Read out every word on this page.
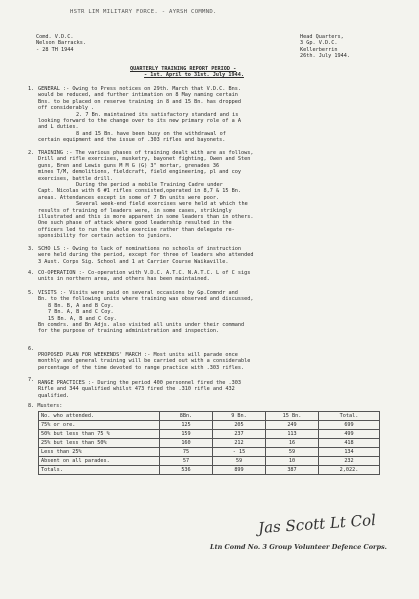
HSTR LIM MILITARY FORCE. - AYRSH COMMND.
Comd. V.D.C.
Nelson Barracks.
- 28 TH 1944
Head Quarters,
3 Gp. V.D.C.
Kellerberrin
26th. July 1944.
QUARTERLY TRAINING REPORT PERIOD -
- 1st. April to 31st. July 1944.
1. GENERAL :- Owing to Press notices on 29th. March that V.D.C. Bns.
would be reduced, and further intimation on 8 May naming certain
Bns. to be placed on reserve training in 8 and 15 Bn. has dropped
off considerably .
2. 7 Bn. maintained its satisfactory standard and is
looking forward to the change over to its new primary role of a A
and L duties.
8 and 15 Bn. have been busy on the withdrawal of
certain equipment and the issue of .303 rifles and bayonets.
2. TRAINING :- The various phases of training dealt with are as follows,
Drill and rifle exercises, musketry, bayonet fighting, Owen and Sten
guns, Bren and Lewis guns M M G (G) 3" mortar, grenades 36
mines T/M, demolitions, fieldcraft, field engineering, pl and coy
exercises, battle drill.
During the period a mobile Training Cadre under
Capt. Nicolas with 6 #1 rifles consisted,operated in 8,7 & 15 Bn.
areas. Attendances except in some of 7 Bn units were poor.
Several week-end field exercises were held at which the
results of training of leaders were, in some cases, strikingly
illustrated and this is more apparent in some leaders than in others.
One such phase of attack where good leadership resulted in the
officers led to run the whole exercise rather than delegate re-
sponsibility for certain action to juniors.
3. SCHO LS :- Owing to lack of nominations no schools of instruction
were held during the period, except for three of leaders who attended
3 Aust. Corps Sig. School and 1 at Carrier Course Waikaville.
4. CO-OPERATION :- Co-operation with V.D.C. A.T.C. N.A.T.C. L of C sigs
units in northern area, and others has been maintained.
5. VISITS :- Visits were paid on several occasions by Gp.Comndr and
Bn. to the following units where training was observed and discussed,
8 Bn. B, A and B Coy.
7 Bn. A, B and C Coy.
15 Bn. A, B and C Coy.
Bn comdrs. and Bn Adjs. also visited all units under their command
for the purpose of training administration and inspection.
6.
PROPOSED PLAN FOR WEEKENDS' MARCH :- Most units will parade once
monthly and general training will be carried out with a considerable
percentage of the time devoted to range practice with .303 rifles.
7. RANGE PRACTICES :- During the period 400 personnel fired the .303
Rifle and 344 qualified whilst 473 fired the .310 rifle and 432
qualified.
8. Musters:
No. who attended.	8Bn.	9 Bn.	15 Bn.	Total.
75% or ore.	125	205	249	699
50% but less than 75 %	159	237	113	499
25% but less than 50%	160	212	16	418
Less than 25%	75	- 15	59	134
Absent on all parades.	57	59	10	232
Totals.	536	899	387	2,022.
Jas Scott Lt Col
Ltn Comd No. 3 Group Volunteer Defence Corps.
